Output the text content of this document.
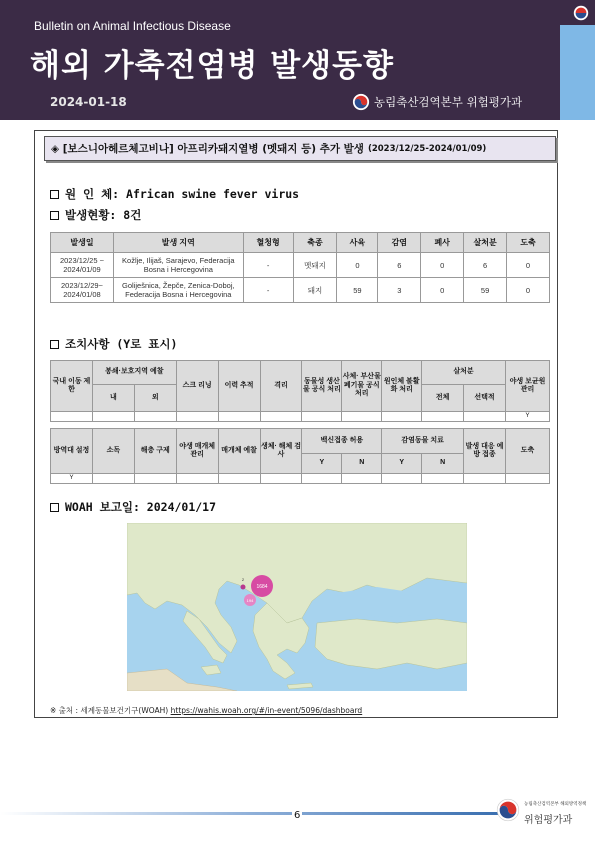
Bulletin on Animal Infectious Disease
해외 가축전염병 발생동향
2024-01-18	농림축산검역본부 위험평가과
◈ [보스니아헤르체고비나] 아프리카돼지열병 (멧돼지 등) 추가 발생 (2023/12/25-2024/01/09)
원 인 체: African swine fever virus
발생현황: 8건
발생일	발생 지역	혈청형	축종	사육	감염	폐사	살처분	도축
2023/12/25 ~ 2024/01/09	Kožlje, Ilijaš, Sarajevo, Federacija Bosna i Hercegovina	-	멧돼지	0	6	0	6	0
2023/12/29~ 2024/01/08	Goliješnica, Žepče, Zenica-Doboj, Federacija Bosna i Hercegovina	-	돼지	59	3	0	59	0
조치사항 (Y로 표시)
국내 이동 제한	봉쇄·보호지역 예찰		스크 리닝	이력 추적	격리	동물성 생산물 공식 처리	사체· 부산물 폐기물 공식 처리	원인체 불활화 처리	살처분		야생 보균원 관리
	내	외							전체	선택적	
											Y
방역대 설정	소독	해충 구제	야생 매개체 관리	매개체 예찰	생체· 해체 검사	백신접종 허용		감염동물 치료		발생 대응 예방 접종	도축
						Y	N	Y	N		
Y											
WOAH 보고일: 2024/01/17
1684
2
194
※ 출처 : 세계동물보건기구(WOAH) https://wahis.woah.org/#/in-event/5096/dashboard
6
농림축산검역본부 해외방역정책
위험평가과
